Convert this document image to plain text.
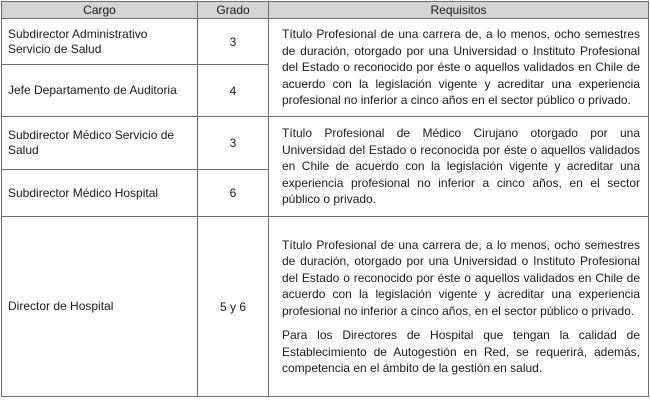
Cargo	Grado	Requisitos
Subdirector Administrativo Servicio de Salud	3	Título Profesional de una carrera de, a lo menos, ocho semestres de duración, otorgado por una Universidad o Instituto Profesional del Estado o reconocido por éste o aquellos validados en Chile de acuerdo con la legislación vigente y acreditar una experiencia profesional no inferior a cinco años en el sector público o privado.

Jefe Departamento de Auditoria	4	
Subdirector Médico Servicio de Salud	3	Título Profesional de Médico Cirujano otorgado por una Universidad del Estado o reconocida por éste o aquellos validados en Chile de acuerdo con la legislación vigente y acreditar una experiencia profesional no inferior a cinco años, en el sector público o privado.

Subdirector Médico Hospital	6	
Director de Hospital	5 y 6	Título Profesional de una carrera de, a lo menos, ocho semestres de duración, otorgado por una Universidad o Instituto Profesional del Estado o reconocido por éste o aquellos validados en Chile de acuerdo con la legislación vigente y acreditar una experiencia profesional no inferior a cinco años, en el sector público o privado.

Para los Directores de Hospital que tengan la calidad de Establecimiento de Autogestión en Red, se requerirá, además, competencia en el ámbito de la gestión en salud.
